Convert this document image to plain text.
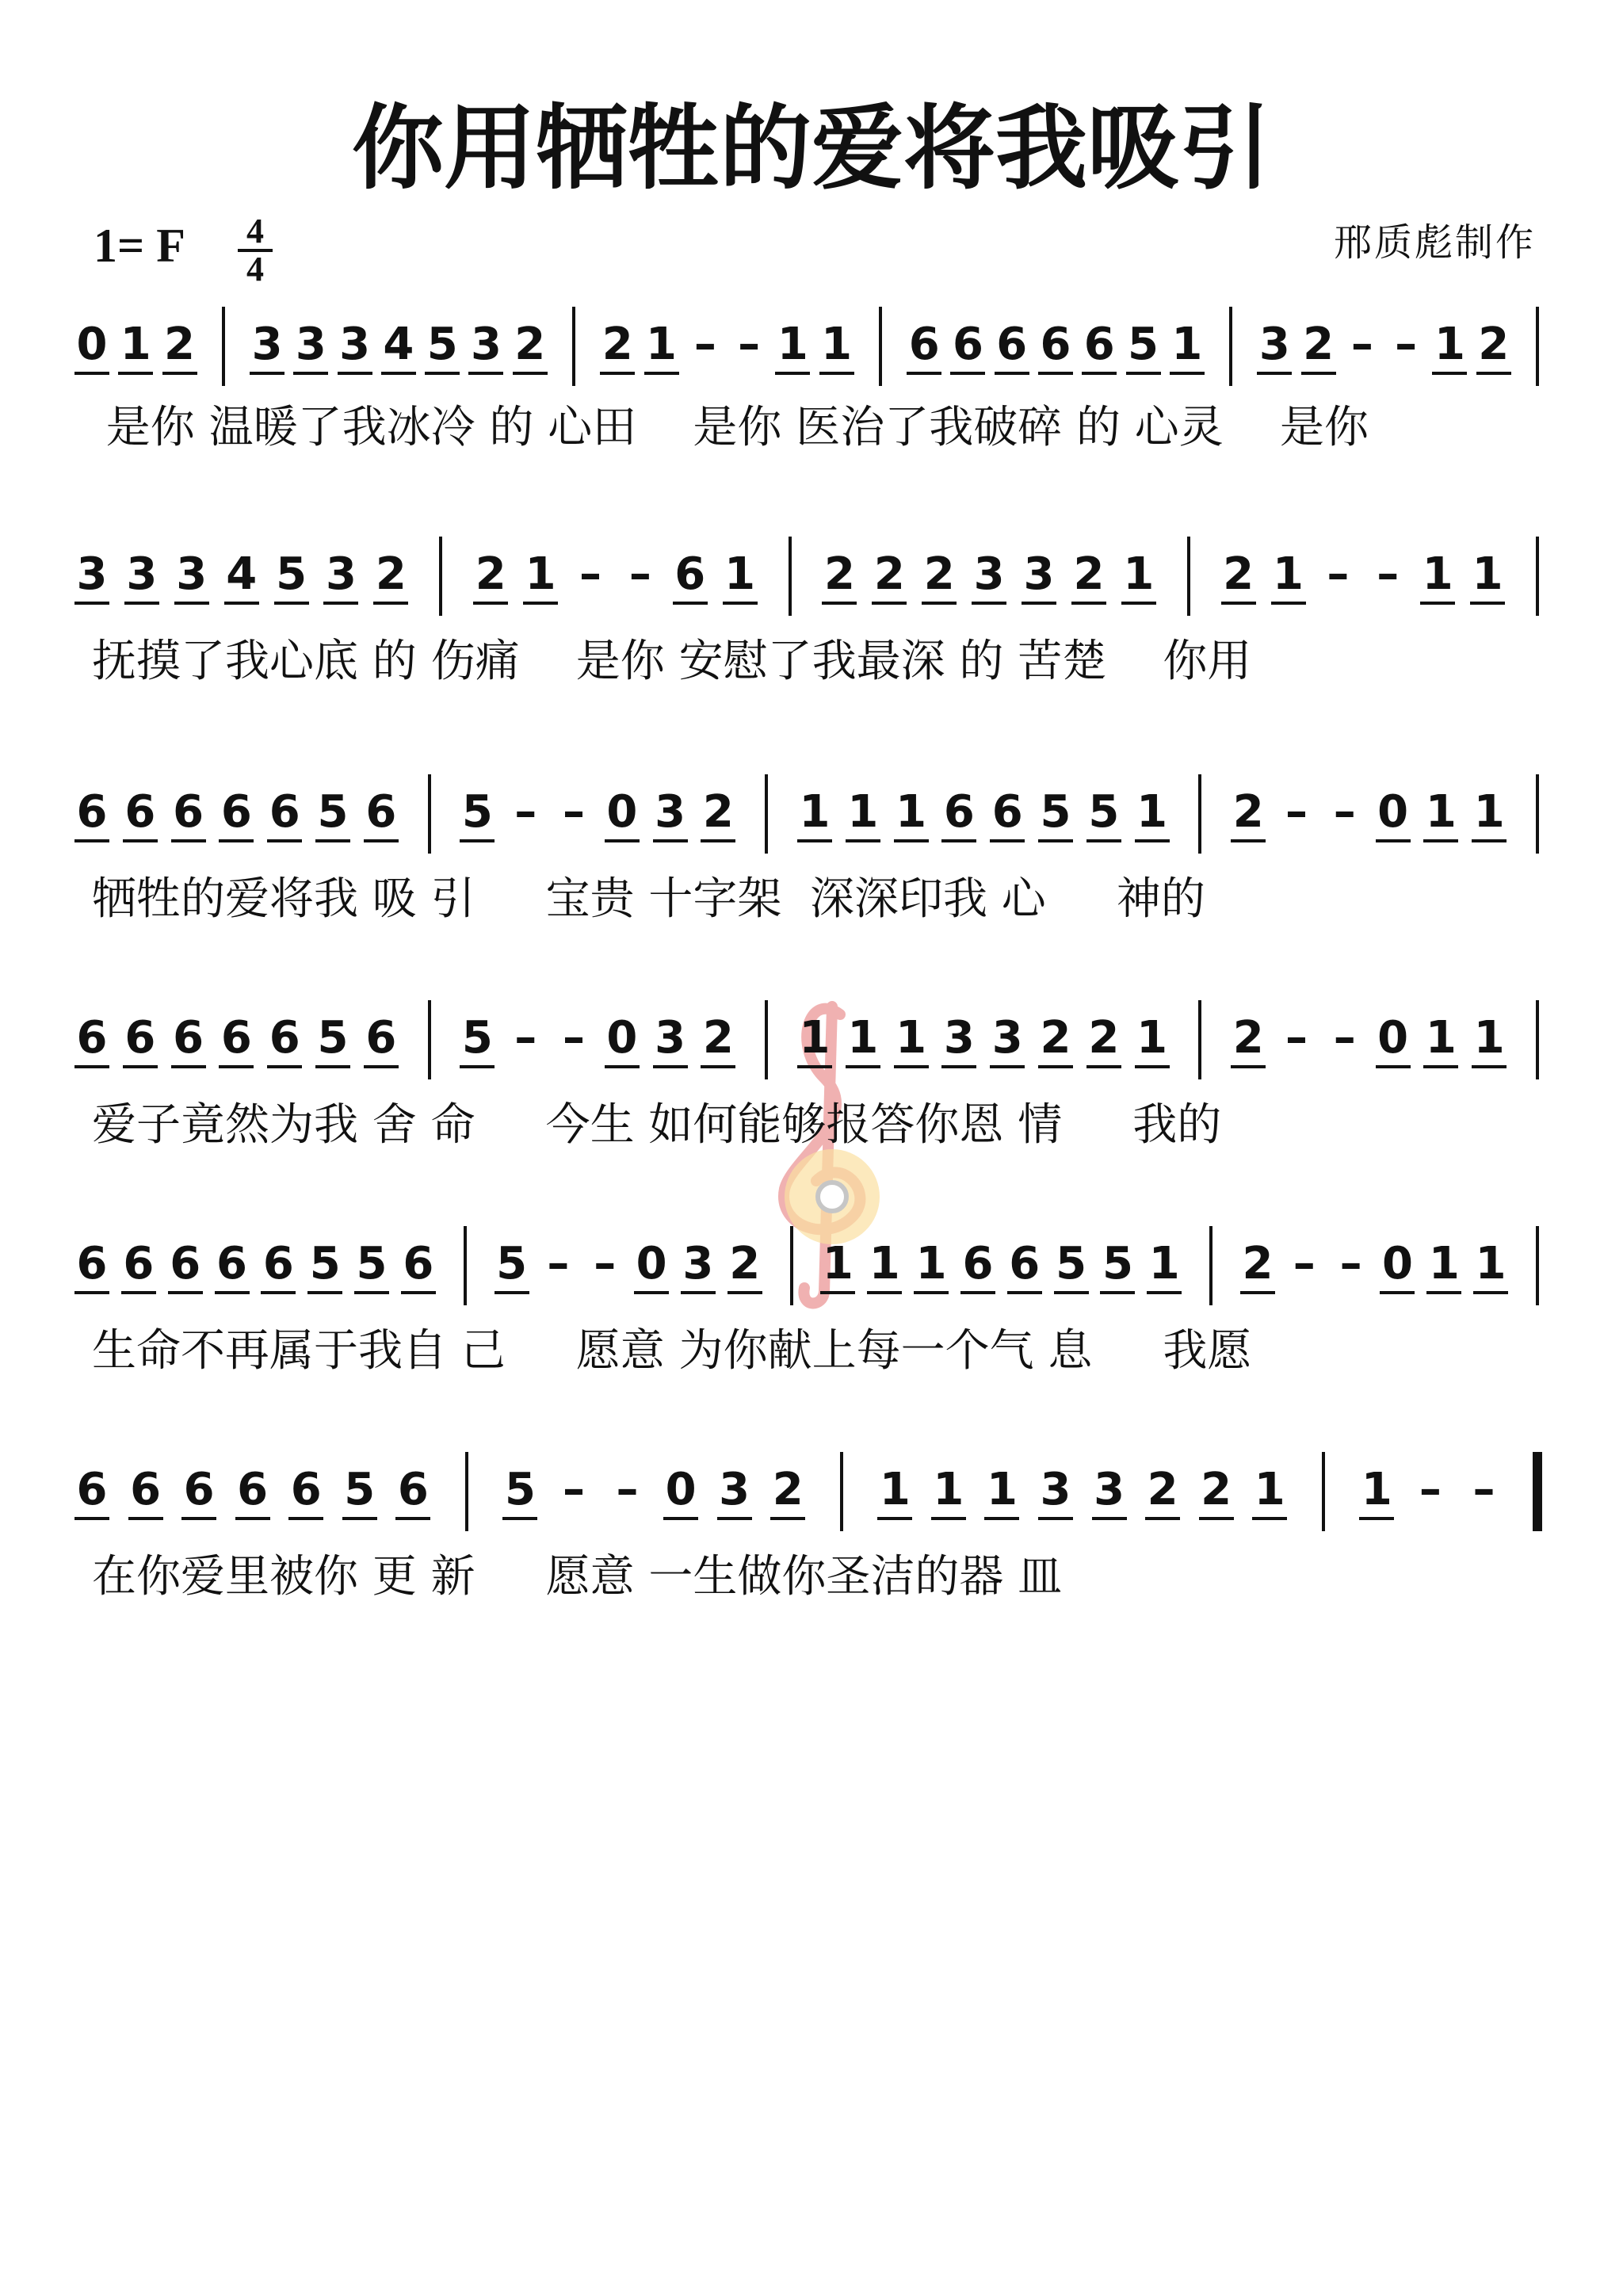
你用牺牲的爱将我吸引
1= F	4
4
邢质彪制作
0 1 2 3 3 3 4 5 3 2 2 1 – – 1 1 6 6 6 6 6 5 1 3 2 – – 1 2
3 3 3 4 5 3 2 2 1 – – 6 1 2 2 2 3 3 2 1 2 1 – – 1 1
6 6 6 6 6 5 6 5 – – 0 3 2 1 1 1 6 6 5 5 1 2 – – 0 1 1
6 6 6 6 6 5 6 5 – – 0 3 2 1 1 1 3 3 2 2 1 2 – – 0 1 1
6 6 6 6 6 5 5 6 5 – – 0 3 2 1 1 1 6 6 5 5 1 2 – – 0 1 1
6 6 6 6 6 5 6 5 – – 0 3 2 1 1 1 3 3 2 2 1 1 – –
是你 温暖了我冰冷 的 心田    是你 医治了我破碎 的 心灵    是你
抚摸了我心底 的 伤痛    是你 安慰了我最深 的 苦楚    你用
牺牲的爱将我 吸 引     宝贵 十字架  深深印我 心     神的
爱子竟然为我 舍 命     今生 如何能够报答你恩 情     我的
生命不再属于我自 己     愿意 为你献上每一个气 息     我愿
在你爱里被你 更 新     愿意 一生做你圣洁的器 皿
